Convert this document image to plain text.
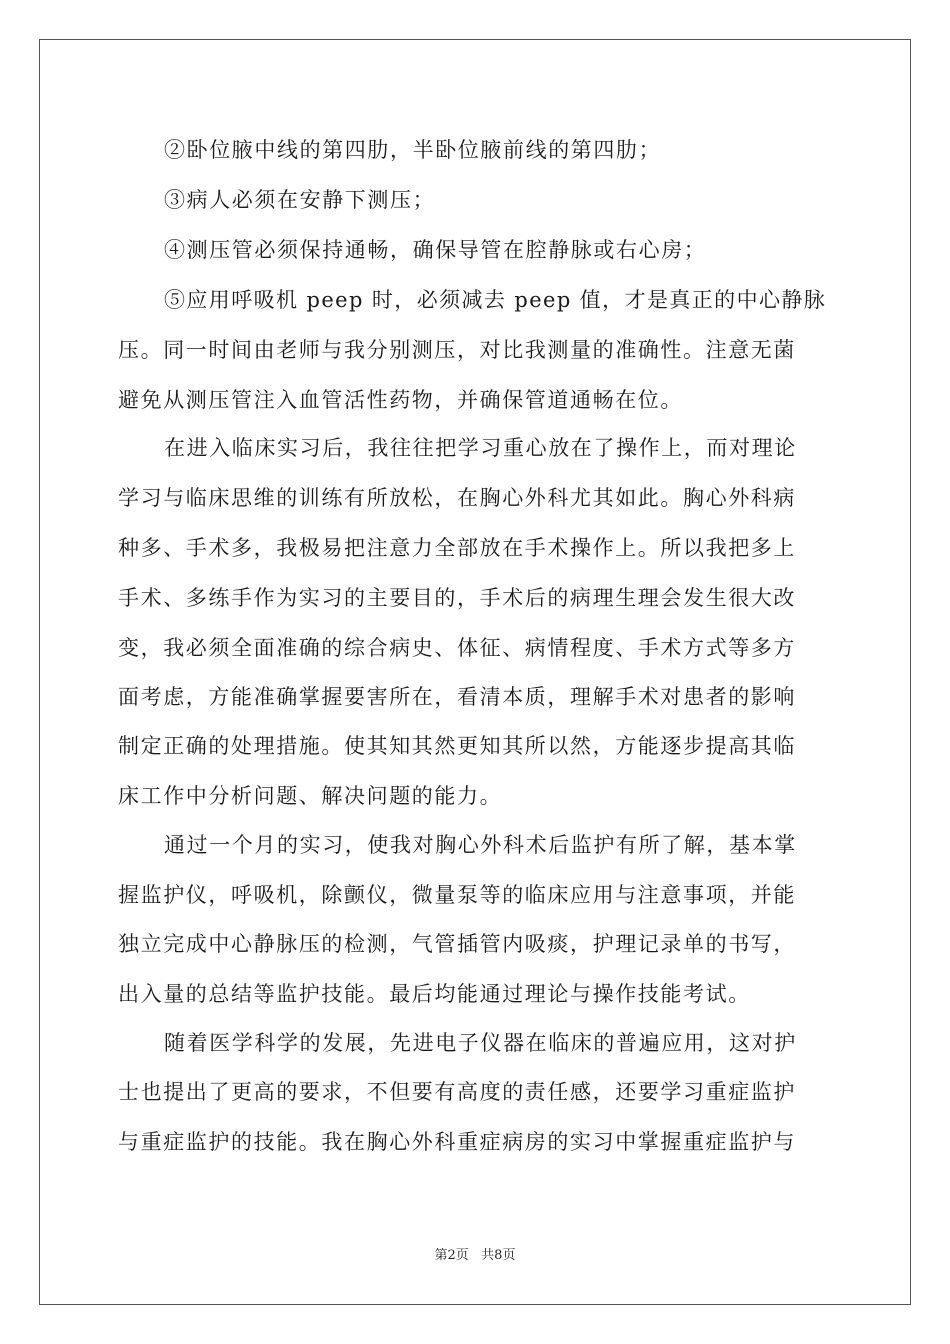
②卧位腋中线的第四肋，半卧位腋前线的第四肋；
③病人必须在安静下测压；
④测压管必须保持通畅，确保导管在腔静脉或右心房；
⑤应用呼吸机 peep 时，必须减去 peep 值，才是真正的中心静脉
压。同一时间由老师与我分别测压，对比我测量的准确性。注意无菌
避免从测压管注入血管活性药物，并确保管道通畅在位。
在进入临床实习后，我往往把学习重心放在了操作上，而对理论
学习与临床思维的训练有所放松，在胸心外科尤其如此。胸心外科病
种多、手术多，我极易把注意力全部放在手术操作上。所以我把多上
手术、多练手作为实习的主要目的，手术后的病理生理会发生很大改
变，我必须全面准确的综合病史、体征、病情程度、手术方式等多方
面考虑，方能准确掌握要害所在，看清本质，理解手术对患者的影响
制定正确的处理措施。使其知其然更知其所以然，方能逐步提高其临
床工作中分析问题、解决问题的能力。
通过一个月的实习，使我对胸心外科术后监护有所了解，基本掌
握监护仪，呼吸机，除颤仪，微量泵等的临床应用与注意事项，并能
独立完成中心静脉压的检测，气管插管内吸痰，护理记录单的书写，
出入量的总结等监护技能。最后均能通过理论与操作技能考试。
随着医学科学的发展，先进电子仪器在临床的普遍应用，这对护
士也提出了更高的要求，不但要有高度的责任感，还要学习重症监护
与重症监护的技能。我在胸心外科重症病房的实习中掌握重症监护与
第2页   共8页
